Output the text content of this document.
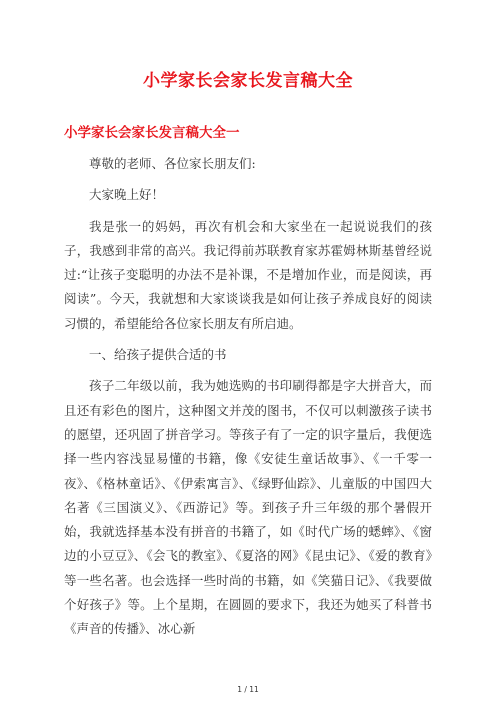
小学家长会家长发言稿大全
小学家长会家长发言稿大全一

尊敬的老师、各位家长朋友们:

大家晚上好！

我是张一的妈妈，再次有机会和大家坐在一起说说我们的孩子，我感到非常的高兴。我记得前苏联教育家苏霍姆林斯基曾经说过:“让孩子变聪明的办法不是补课，不是增加作业，而是阅读，再阅读”。今天，我就想和大家谈谈我是如何让孩子养成良好的阅读习惯的，希望能给各位家长朋友有所启迪。

一、给孩子提供合适的书

孩子二年级以前，我为她选购的书印刷得都是字大拼音大，而且还有彩色的图片，这种图文并茂的图书，不仅可以刺激孩子读书的愿望，还巩固了拼音学习。等孩子有了一定的识字量后，我便选择一些内容浅显易懂的书籍，像《安徒生童话故事》、《一千零一夜》、《格林童话》、《伊索寓言》、《绿野仙踪》、儿童版的中国四大名著《三国演义》、《西游记》等。到孩子升三年级的那个暑假开始，我就选择基本没有拼音的书籍了，如《时代广场的蟋蟀》、《窗边的小豆豆》、《会飞的教室》、《夏洛的网》《昆虫记》、《爱的教育》等一些名著。也会选择一些时尚的书籍，如《笑猫日记》、《我要做个好孩子》等。上个星期，在圆圆的要求下，我还为她买了科普书《声音的传播》、冰心新

1 / 11
